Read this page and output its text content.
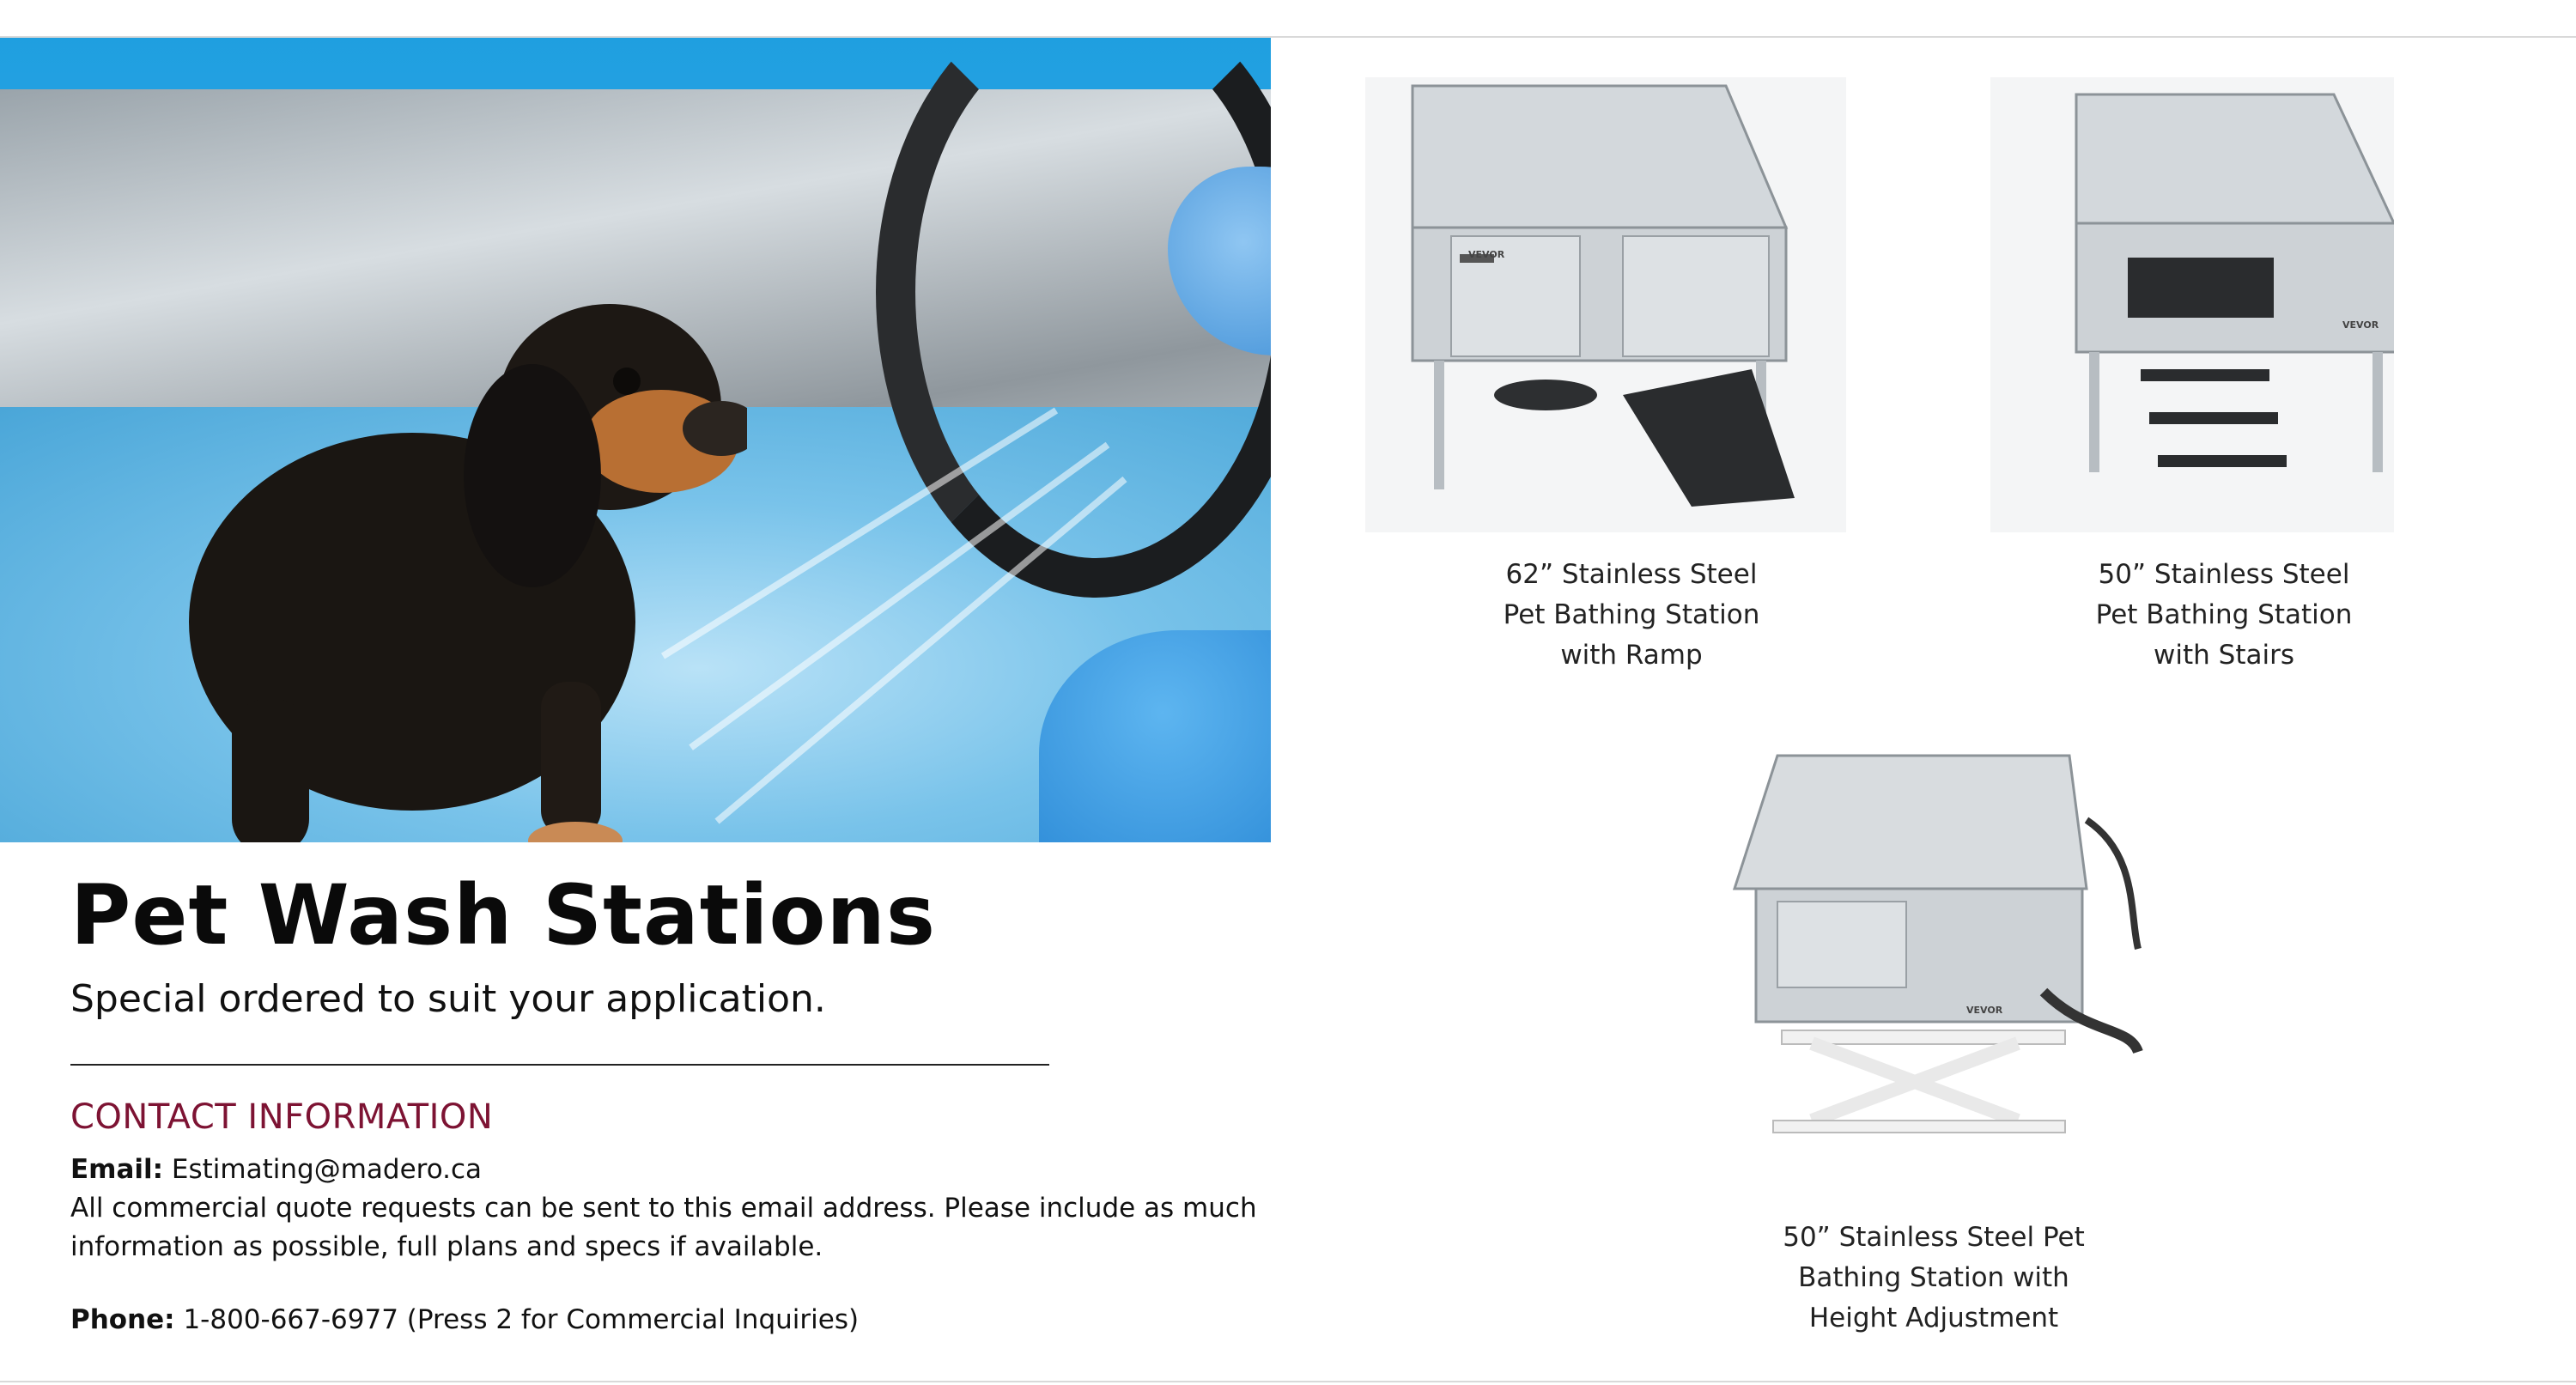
Pet Wash Stations
Special ordered to suit your application.
CONTACT INFORMATION
Email: Estimating@madero.ca
All commercial quote requests can be sent to this email address. Please include as much
information as possible, full plans and specs if available.
Phone: 1-800-667-6977 (Press 2 for Commercial Inquiries)
VEVOR
62” Stainless Steel
Pet Bathing Station
with Ramp
VEVOR
50” Stainless Steel
Pet Bathing Station
with Stairs
VEVOR
50” Stainless Steel Pet
Bathing Station with
Height Adjustment
